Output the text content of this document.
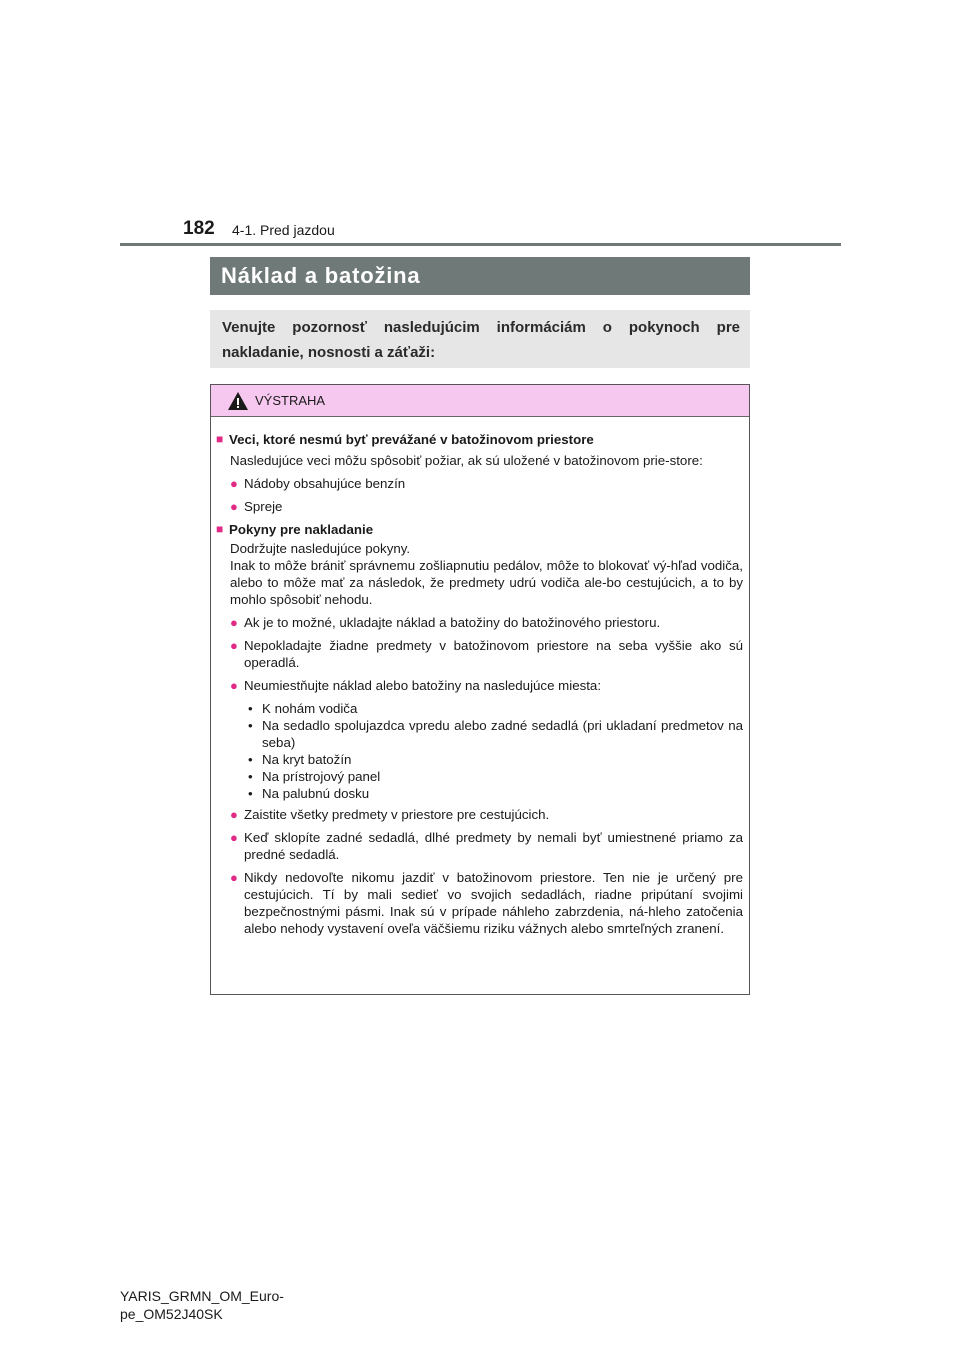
182 4-1. Pred jazdou
Náklad a batožina
Venujte pozornosť nasledujúcim informáciám o pokynoch pre nakladanie, nosnosti a záťaži:
VÝSTRAHA
■ Veci, ktoré nesmú byť prevážané v batožinovom priestore
Nasledujúce veci môžu spôsobiť požiar, ak sú uložené v batožinovom prie-store:
● Nádoby obsahujúce benzín
● Spreje
■ Pokyny pre nakladanie
Dodržujte nasledujúce pokyny.
Inak to môže brániť správnemu zošliapnutiu pedálov, môže to blokovať vý-hľad vodiča, alebo to môže mať za následok, že predmety udrú vodiča ale-bo cestujúcich, a to by mohlo spôsobiť nehodu.
● Ak je to možné, ukladajte náklad a batožiny do batožinového priestoru.
● Nepokladajte žiadne predmety v batožinovom priestore na seba vyššie ako sú operadlá.
● Neumiestňujte náklad alebo batožiny na nasledujúce miesta:
• K nohám vodiča
• Na sedadlo spolujazdca vpredu alebo zadné sedadlá (pri ukladaní predmetov na seba)
• Na kryt batožín
• Na prístrojový panel
• Na palubnú dosku
● Zaistite všetky predmety v priestore pre cestujúcich.
● Keď sklopíte zadné sedadlá, dlhé predmety by nemali byť umiestnené priamo za predné sedadlá.
● Nikdy nedovoľte nikomu jazdiť v batožinovom priestore. Ten nie je určený pre cestujúcich. Tí by mali sedieť vo svojich sedadlách, riadne pripútaní svojimi bezpečnostnými pásmi. Inak sú v prípade náhleho zabrzdenia, ná-hleho zatočenia alebo nehody vystavení oveľa väčšiemu riziku vážnych alebo smrteľných zranení.
YARIS_GRMN_OM_Euro-
pe_OM52J40SK
